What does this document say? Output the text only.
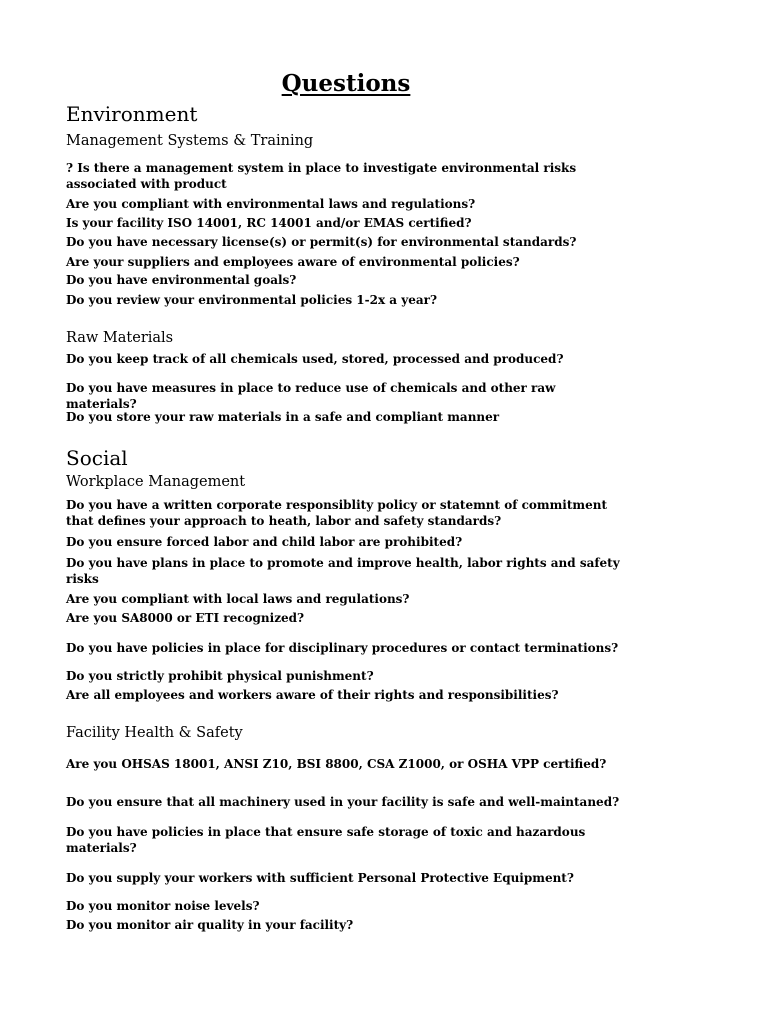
Questions
Environment
Management Systems & Training
? Is there a management system in place to investigate environmental risks associated with product
Are you compliant with environmental laws and regulations?
Is your facility ISO 14001, RC 14001 and/or EMAS certified?
Do you have necessary license(s) or permit(s) for environmental standards?
Are your suppliers and employees aware of environmental policies?
Do you have environmental goals?
Do you review your environmental policies 1-2x a year?
Raw Materials
Do you keep track of all chemicals used, stored, processed and produced?
Do you have measures in place to reduce use of chemicals and other raw materials?
Do you store your raw materials in a safe and compliant manner
Social
Workplace Management
Do you have a written corporate responsiblity policy or statemnt of commitment that defines your approach to heath, labor and safety standards?
Do you ensure forced labor and child labor are prohibited?
Do you have plans in place to promote and improve health, labor rights and safety risks
Are you compliant with local laws and regulations?
Are you SA8000 or ETI recognized?
Do you have policies in place for disciplinary procedures or contact terminations?
Do you strictly prohibit physical punishment?
Are all employees and workers aware of their rights and responsibilities?
Facility Health & Safety
Are you OHSAS 18001, ANSI Z10, BSI 8800, CSA Z1000, or OSHA VPP certified?
Do you ensure that all machinery used in your facility is safe and well-maintaned?
Do you have policies in place that ensure safe storage of toxic and hazardous materials?
Do you supply your workers with sufficient Personal Protective Equipment?
Do you monitor noise levels?
Do you monitor air quality in your facility?
